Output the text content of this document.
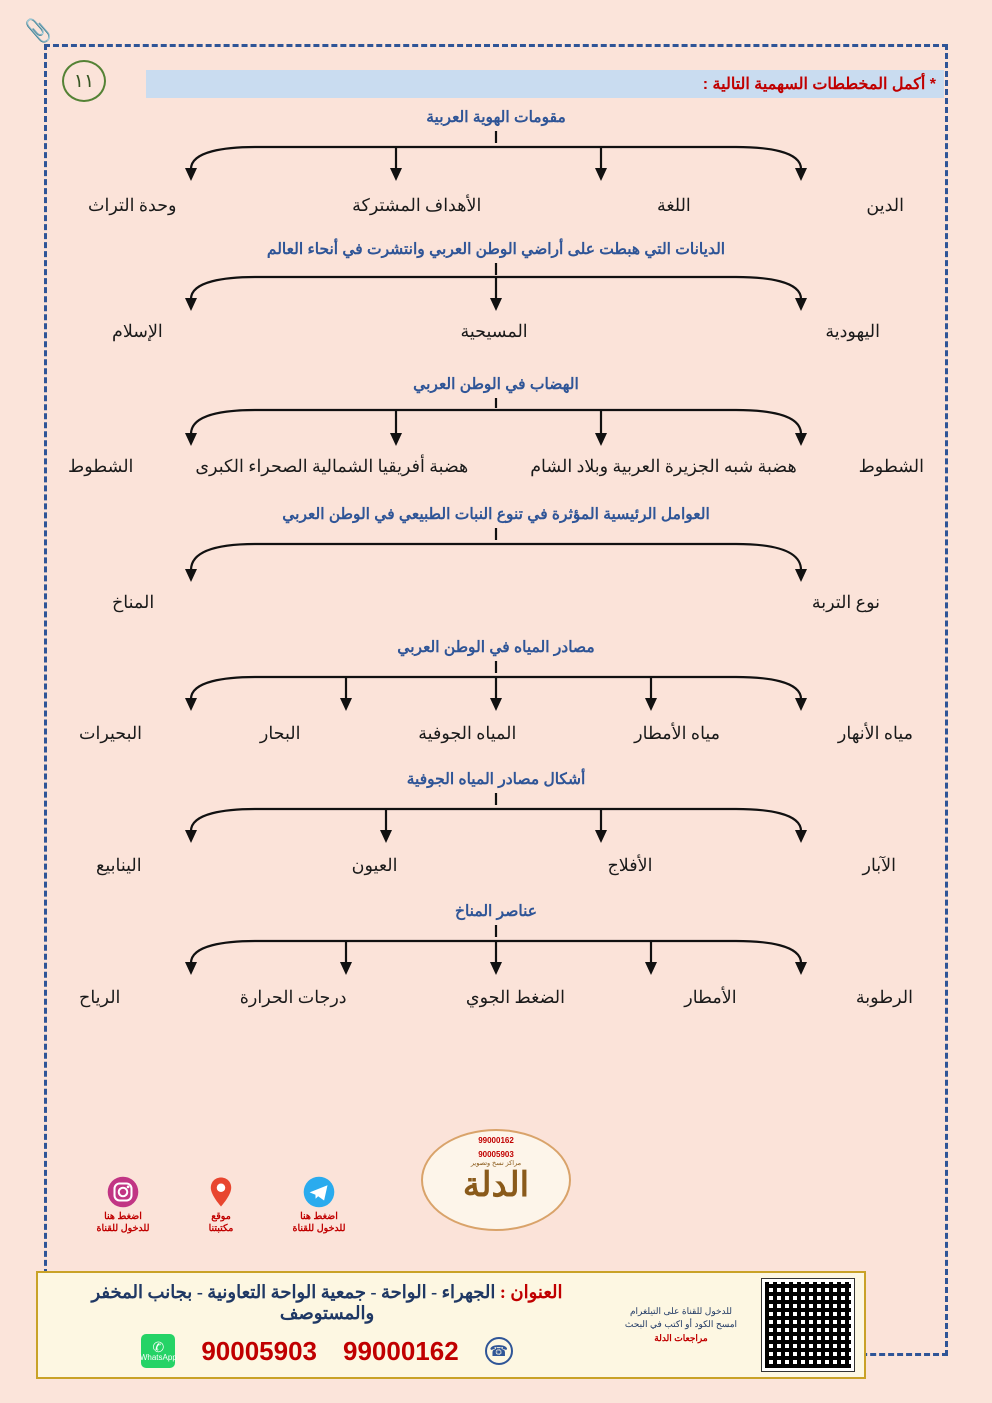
📎
١١	* أكمل المخططات السهمية التالية :
مقومات الهوية العربية
الدين
اللغة
الأهداف المشتركة
وحدة التراث
الديانات التي هبطت على أراضي الوطن العربي وانتشرت في أنحاء العالم
اليهودية
المسيحية
الإسلام
الهضاب في الوطن العربي
الشطوط
هضبة شبه الجزيرة العربية وبلاد الشام
هضبة أفريقيا الشمالية الصحراء الكبرى
الشطوط
العوامل الرئيسية المؤثرة في تنوع النبات الطبيعي في الوطن العربي
نوع التربة
المناخ
مصادر المياه في الوطن العربي
مياه الأنهار
مياه الأمطار
المياه الجوفية
البحار
البحيرات
أشكال مصادر المياه الجوفية
الآبار
الأفلاج
العيون
الينابيع
عناصر المناخ
الرطوبة
الأمطار
الضغط الجوي
درجات الحرارة
الرياح
99000162
90005903
مراكز نسخ وتصوير
الدلة
اضغط هنا
للدخول للقناة
موقع
مكتبتنا
اضغط هنا
للدخول للقناة
العنوان : الجهراء - الواحة - جمعية الواحة التعاونية - بجانب المخفر والمستوصف
☎
99000162
90005903
✆
WhatsApp
للدخول للقناة على التيلغرام
امسح الكود أو اكتب في البحث
مراجعات الدلة
